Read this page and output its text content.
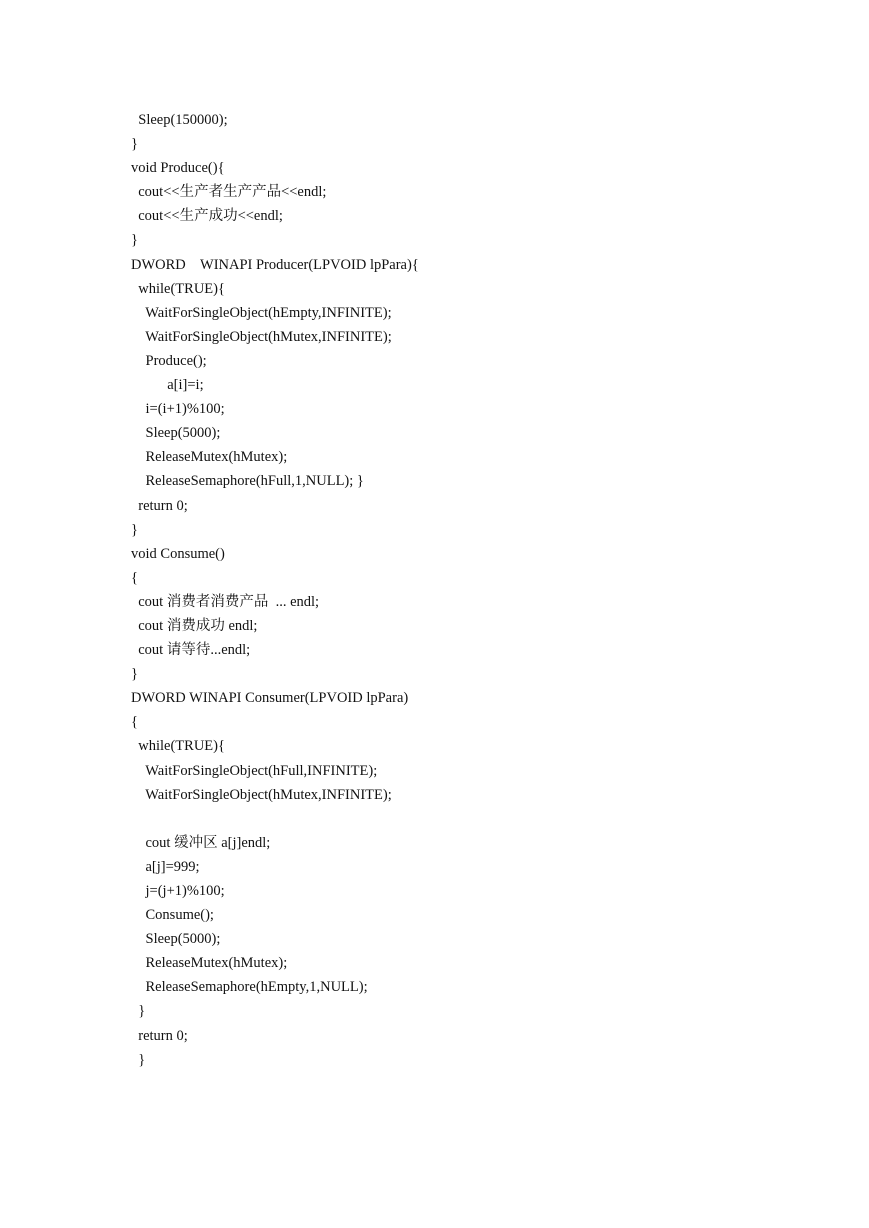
Sleep(150000);
}
void Produce(){
cout<<生产者生产产品<<endl;
cout<<生产成功<<endl;
}
DWORD    WINAPI Producer(LPVOID lpPara){
while(TRUE){
WaitForSingleObject(hEmpty,INFINITE);
WaitForSingleObject(hMutex,INFINITE);
Produce();
a[i]=i;
i=(i+1)%100;
Sleep(5000);
ReleaseMutex(hMutex);
ReleaseSemaphore(hFull,1,NULL); }
return 0;
}
void Consume()
{
cout 消费者消费产品  ... endl;
cout 消费成功 endl;
cout 请等待...endl;
}
DWORD WINAPI Consumer(LPVOID lpPara)
{
while(TRUE){
WaitForSingleObject(hFull,INFINITE);
WaitForSingleObject(hMutex,INFINITE);
cout 缓冲区 a[j]endl;
a[j]=999;
j=(j+1)%100;
Consume();
Sleep(5000);
ReleaseMutex(hMutex);
ReleaseSemaphore(hEmpty,1,NULL);
}
return 0;
}
